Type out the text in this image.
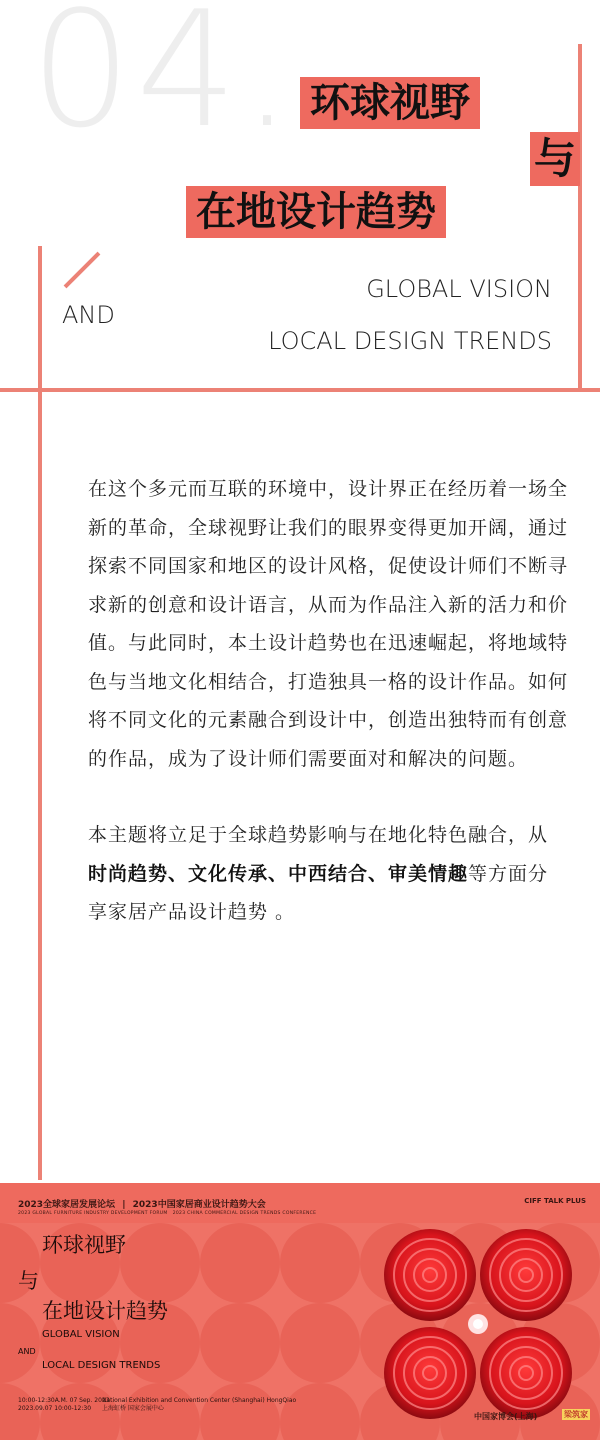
04. 环球视野
与
在地设计趋势
AND
GLOBAL VISION
LOCAL DESIGN TRENDS

在这个多元而互联的环境中，设计界正在经历着一场全新的革命，全球视野让我们的眼界变得更加开阔，通过探索不同国家和地区的设计风格，促使设计师们不断寻求新的创意和设计语言，从而为作品注入新的活力和价值。与此同时，本土设计趋势也在迅速崛起，将地域特色与当地文化相结合，打造独具一格的设计作品。如何将不同文化的元素融合到设计中，创造出独特而有创意的作品，成为了设计师们需要面对和解决的问题。

本主题将立足于全球趋势影响与在地化特色融合，从时尚趋势、文化传承、中西结合、审美情趣等方面分享家居产品设计趋势 。

2023全球家居发展论坛 | 2023中国家居商业设计趋势大会
2023 GLOBAL FURNITURE INDUSTRY DEVELOPMENT FORUM 2023 CHINA COMMERCIAL DESIGN TRENDS CONFERENCE
CIFF TALK PLUS
环球视野
与
在地设计趋势
GLOBAL VISION
AND
LOCAL DESIGN TRENDS
10:00-12:30A.M. 07 Sep. 2023
2023.09.07 10:00-12:30
National Exhibition and Convention Center (Shanghai) HongQiao
上海虹桥 国家会展中心
中国家博会(上海)	梁筑家
